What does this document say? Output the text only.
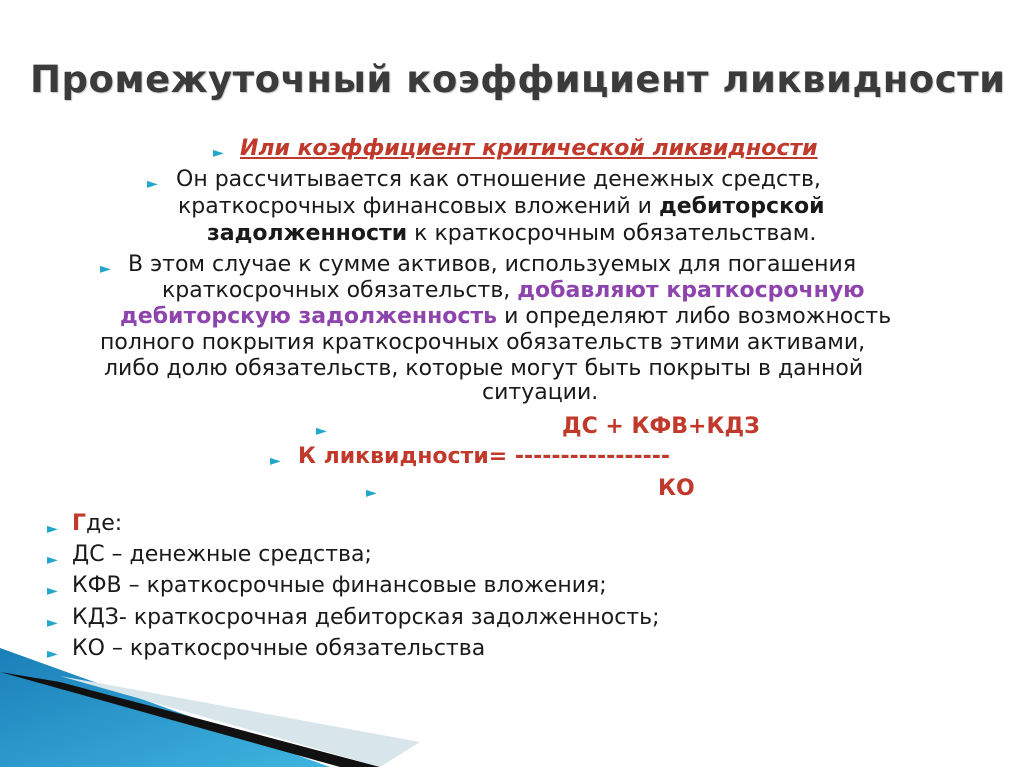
Промежуточный коэффициент ликвидности
► Или коэффициент критической ликвидности
► Он рассчитывается как отношение денежных средств,
краткосрочных финансовых вложений и дебиторской
задолженности к краткосрочным обязательствам.
► В этом случае к сумме активов, используемых для погашения
краткосрочных обязательств, добавляют краткосрочную
дебиторскую задолженность и определяют либо возможность
полного покрытия краткосрочных обязательств этими активами,
либо долю обязательств, которые могут быть покрыты в данной
ситуации.
►	ДС + КФВ+КДЗ
► К ликвидности= -----------------
►	КО
► Где:
► ДС – денежные средства;
► КФВ – краткосрочные финансовые вложения;
► КДЗ- краткосрочная дебиторская задолженность;
► КО – краткосрочные обязательства
